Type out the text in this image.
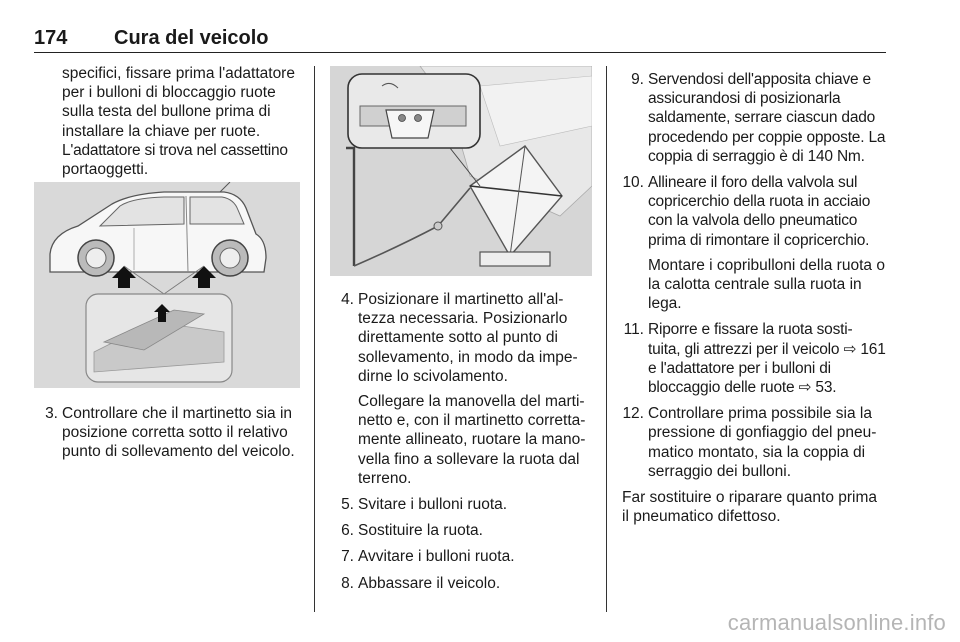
174 Cura del veicolo

specifici, fissare prima l'adattatore

per i bulloni di bloccaggio ruote

sulla testa del bullone prima di

installare la chiave per ruote.

L'adattatore si trova nel cassettino

portaoggetti.

3. Controllare che il martinetto sia in posizione corretta sotto il relativo punto di sollevamento del veicolo.

4. Posizionare il martinetto all'al- tezza necessaria. Posizionarlo direttamente sotto al punto di sollevamento, in modo da impe- dirne lo scivolamento.

Collegare la manovella del marti- netto e, con il martinetto corretta- mente allineato, ruotare la mano- vella fino a sollevare la ruota dal terreno.

5. Svitare i bulloni ruota.

6. Sostituire la ruota.

7. Avvitare i bulloni ruota.

8. Abbassare il veicolo.

9. Servendosi dell'apposita chiave e assicurandosi di posizionarla saldamente, serrare ciascun dado procedendo per coppie opposte. La coppia di serraggio è di 140 Nm.

10. Allineare il foro della valvola sul copricerchio della ruota in acciaio con la valvola dello pneumatico prima di rimontare il copricerchio.

Montare i copribulloni della ruota o la calotta centrale sulla ruota in lega.

11. Riporre e fissare la ruota sosti- tuita, gli attrezzi per il veicolo ⇨ 161 e l'adattatore per i bulloni di bloccaggio delle ruote ⇨ 53.

12. Controllare prima possibile sia la pressione di gonfiaggio del pneu- matico montato, sia la coppia di serraggio dei bulloni.

Far sostituire o riparare quanto prima il pneumatico difettoso.

carmanualsonline.info
